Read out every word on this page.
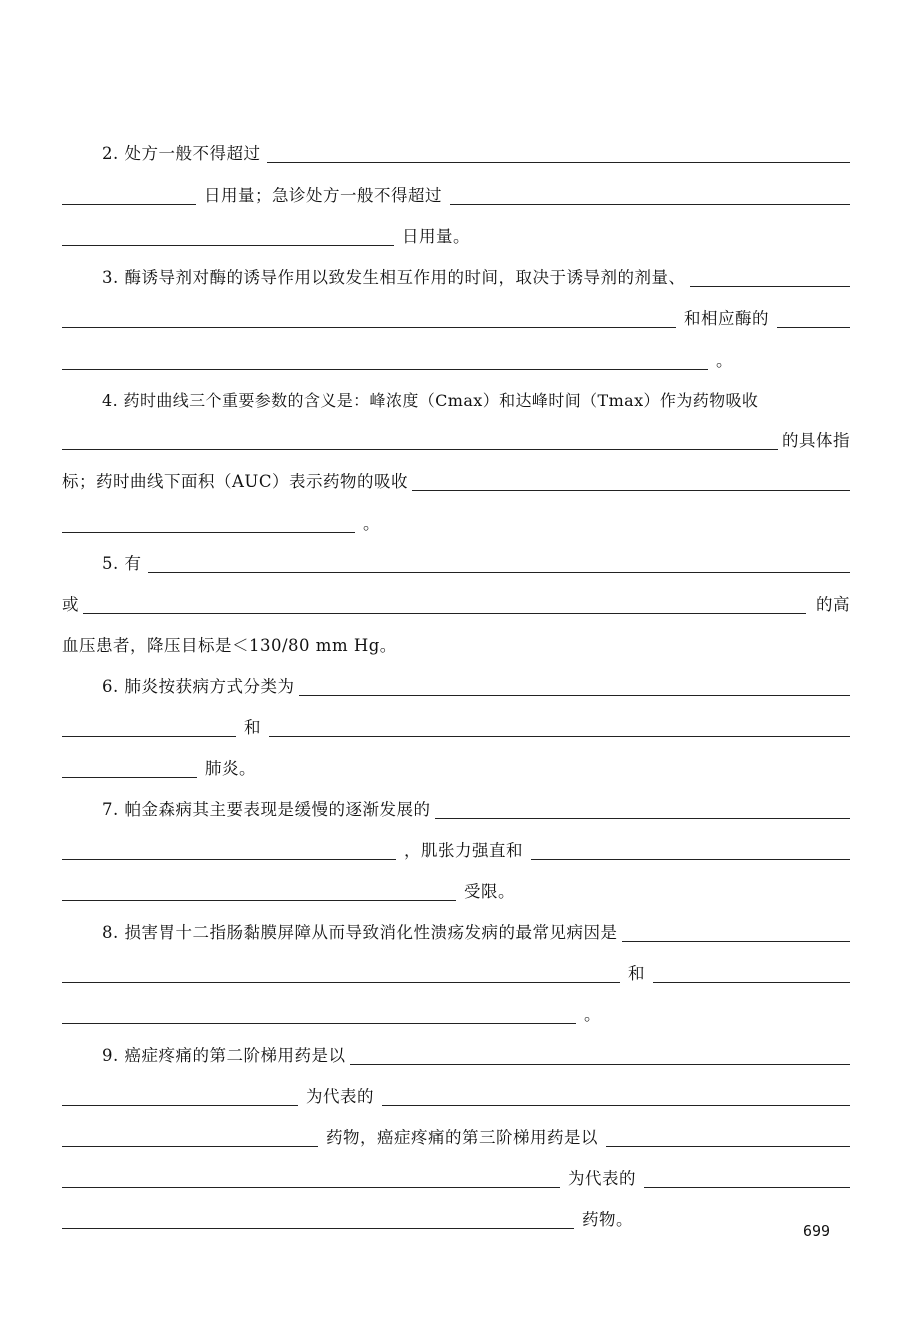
2. 处方一般不得超过
日用量；急诊处方一般不得超过
日用量。
3. 酶诱导剂对酶的诱导作用以致发生相互作用的时间，取决于诱导剂的剂量、
和相应酶的
。
4. 药时曲线三个重要参数的含义是：峰浓度（Cmax）和达峰时间（Tmax）作为药物吸收
的具体指
标；药时曲线下面积（AUC）表示药物的吸收
。
5. 有
或	的高
血压患者，降压目标是＜130/80 mm Hg。
6. 肺炎按获病方式分类为
和
肺炎。
7. 帕金森病其主要表现是缓慢的逐渐发展的
，肌张力强直和
受限。
8. 损害胃十二指肠黏膜屏障从而导致消化性溃疡发病的最常见病因是
和
。
9. 癌症疼痛的第二阶梯用药是以
为代表的
药物，癌症疼痛的第三阶梯用药是以
为代表的
药物。
699
